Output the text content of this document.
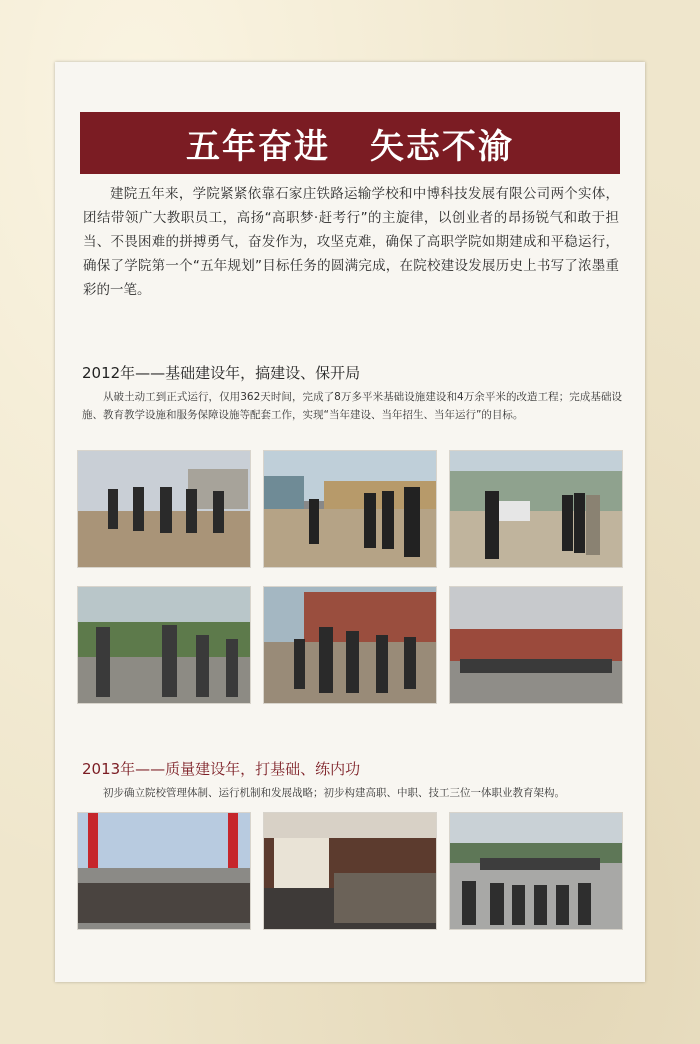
五年奋进 矢志不渝
建院五年来，学院紧紧依靠石家庄铁路运输学校和中博科技发展有限公司两个实体，团结带领广大教职员工，高扬“高职梦·赶考行”的主旋律，以创业者的昂扬锐气和敢于担当、不畏困难的拼搏勇气，奋发作为，攻坚克难，确保了高职学院如期建成和平稳运行，确保了学院第一个“五年规划”目标任务的圆满完成，在院校建设发展历史上书写了浓墨重彩的一笔。
2012年——基础建设年，搞建设、保开局
从破土动工到正式运行，仅用362天时间，完成了8万多平米基础设施建设和4万余平米的改造工程；完成基础设施、教育教学设施和服务保障设施等配套工作，实现“当年建设、当年招生、当年运行”的目标。
2013年——质量建设年，打基础、练内功
初步确立院校管理体制、运行机制和发展战略；初步构建高职、中职、技工三位一体职业教育架构。
